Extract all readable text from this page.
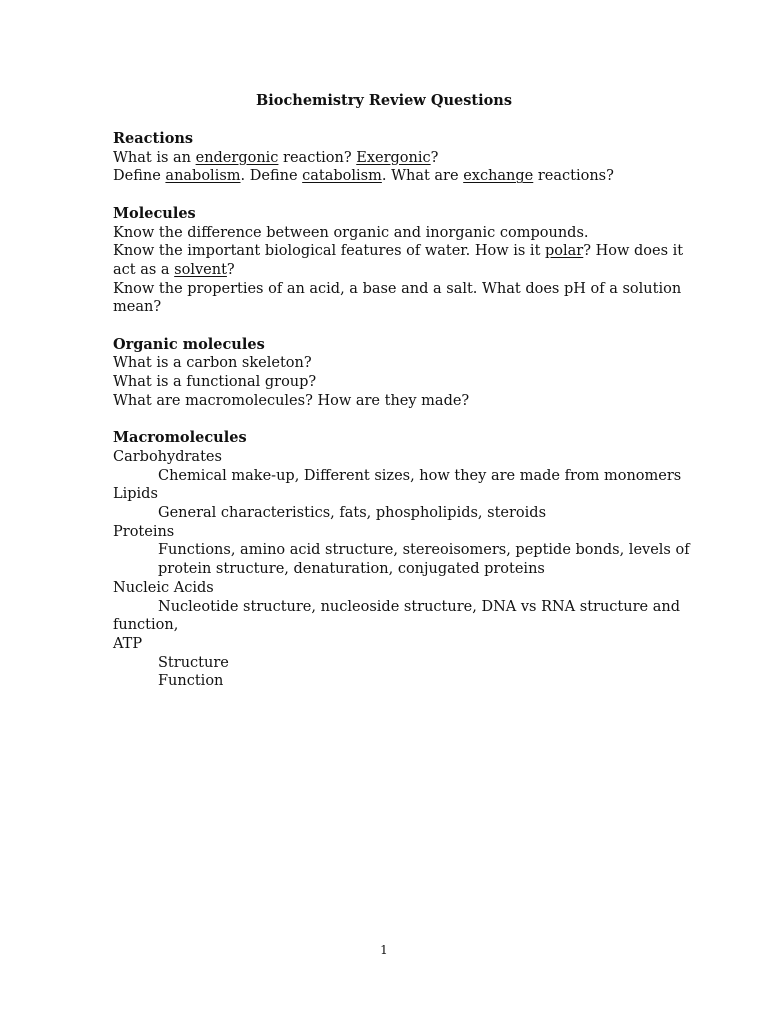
Biochemistry Review Questions
Reactions
What is an endergonic reaction? Exergonic?
Define anabolism. Define catabolism. What are exchange reactions?
Molecules
Know the difference between organic and inorganic compounds.
Know the important biological features of water. How is it polar? How does it
act as a solvent?
Know the properties of an acid, a base and a salt. What does pH of a solution
mean?
Organic molecules
What is a carbon skeleton?
What is a functional group?
What are macromolecules? How are they made?
Macromolecules
Carbohydrates
Chemical make-up, Different sizes, how they are made from monomers
Lipids
General characteristics, fats, phospholipids, steroids
Proteins
Functions, amino acid structure, stereoisomers, peptide bonds, levels of
protein structure, denaturation, conjugated proteins
Nucleic Acids
Nucleotide structure, nucleoside structure, DNA vs RNA structure and
function,
ATP
Structure
Function
1
